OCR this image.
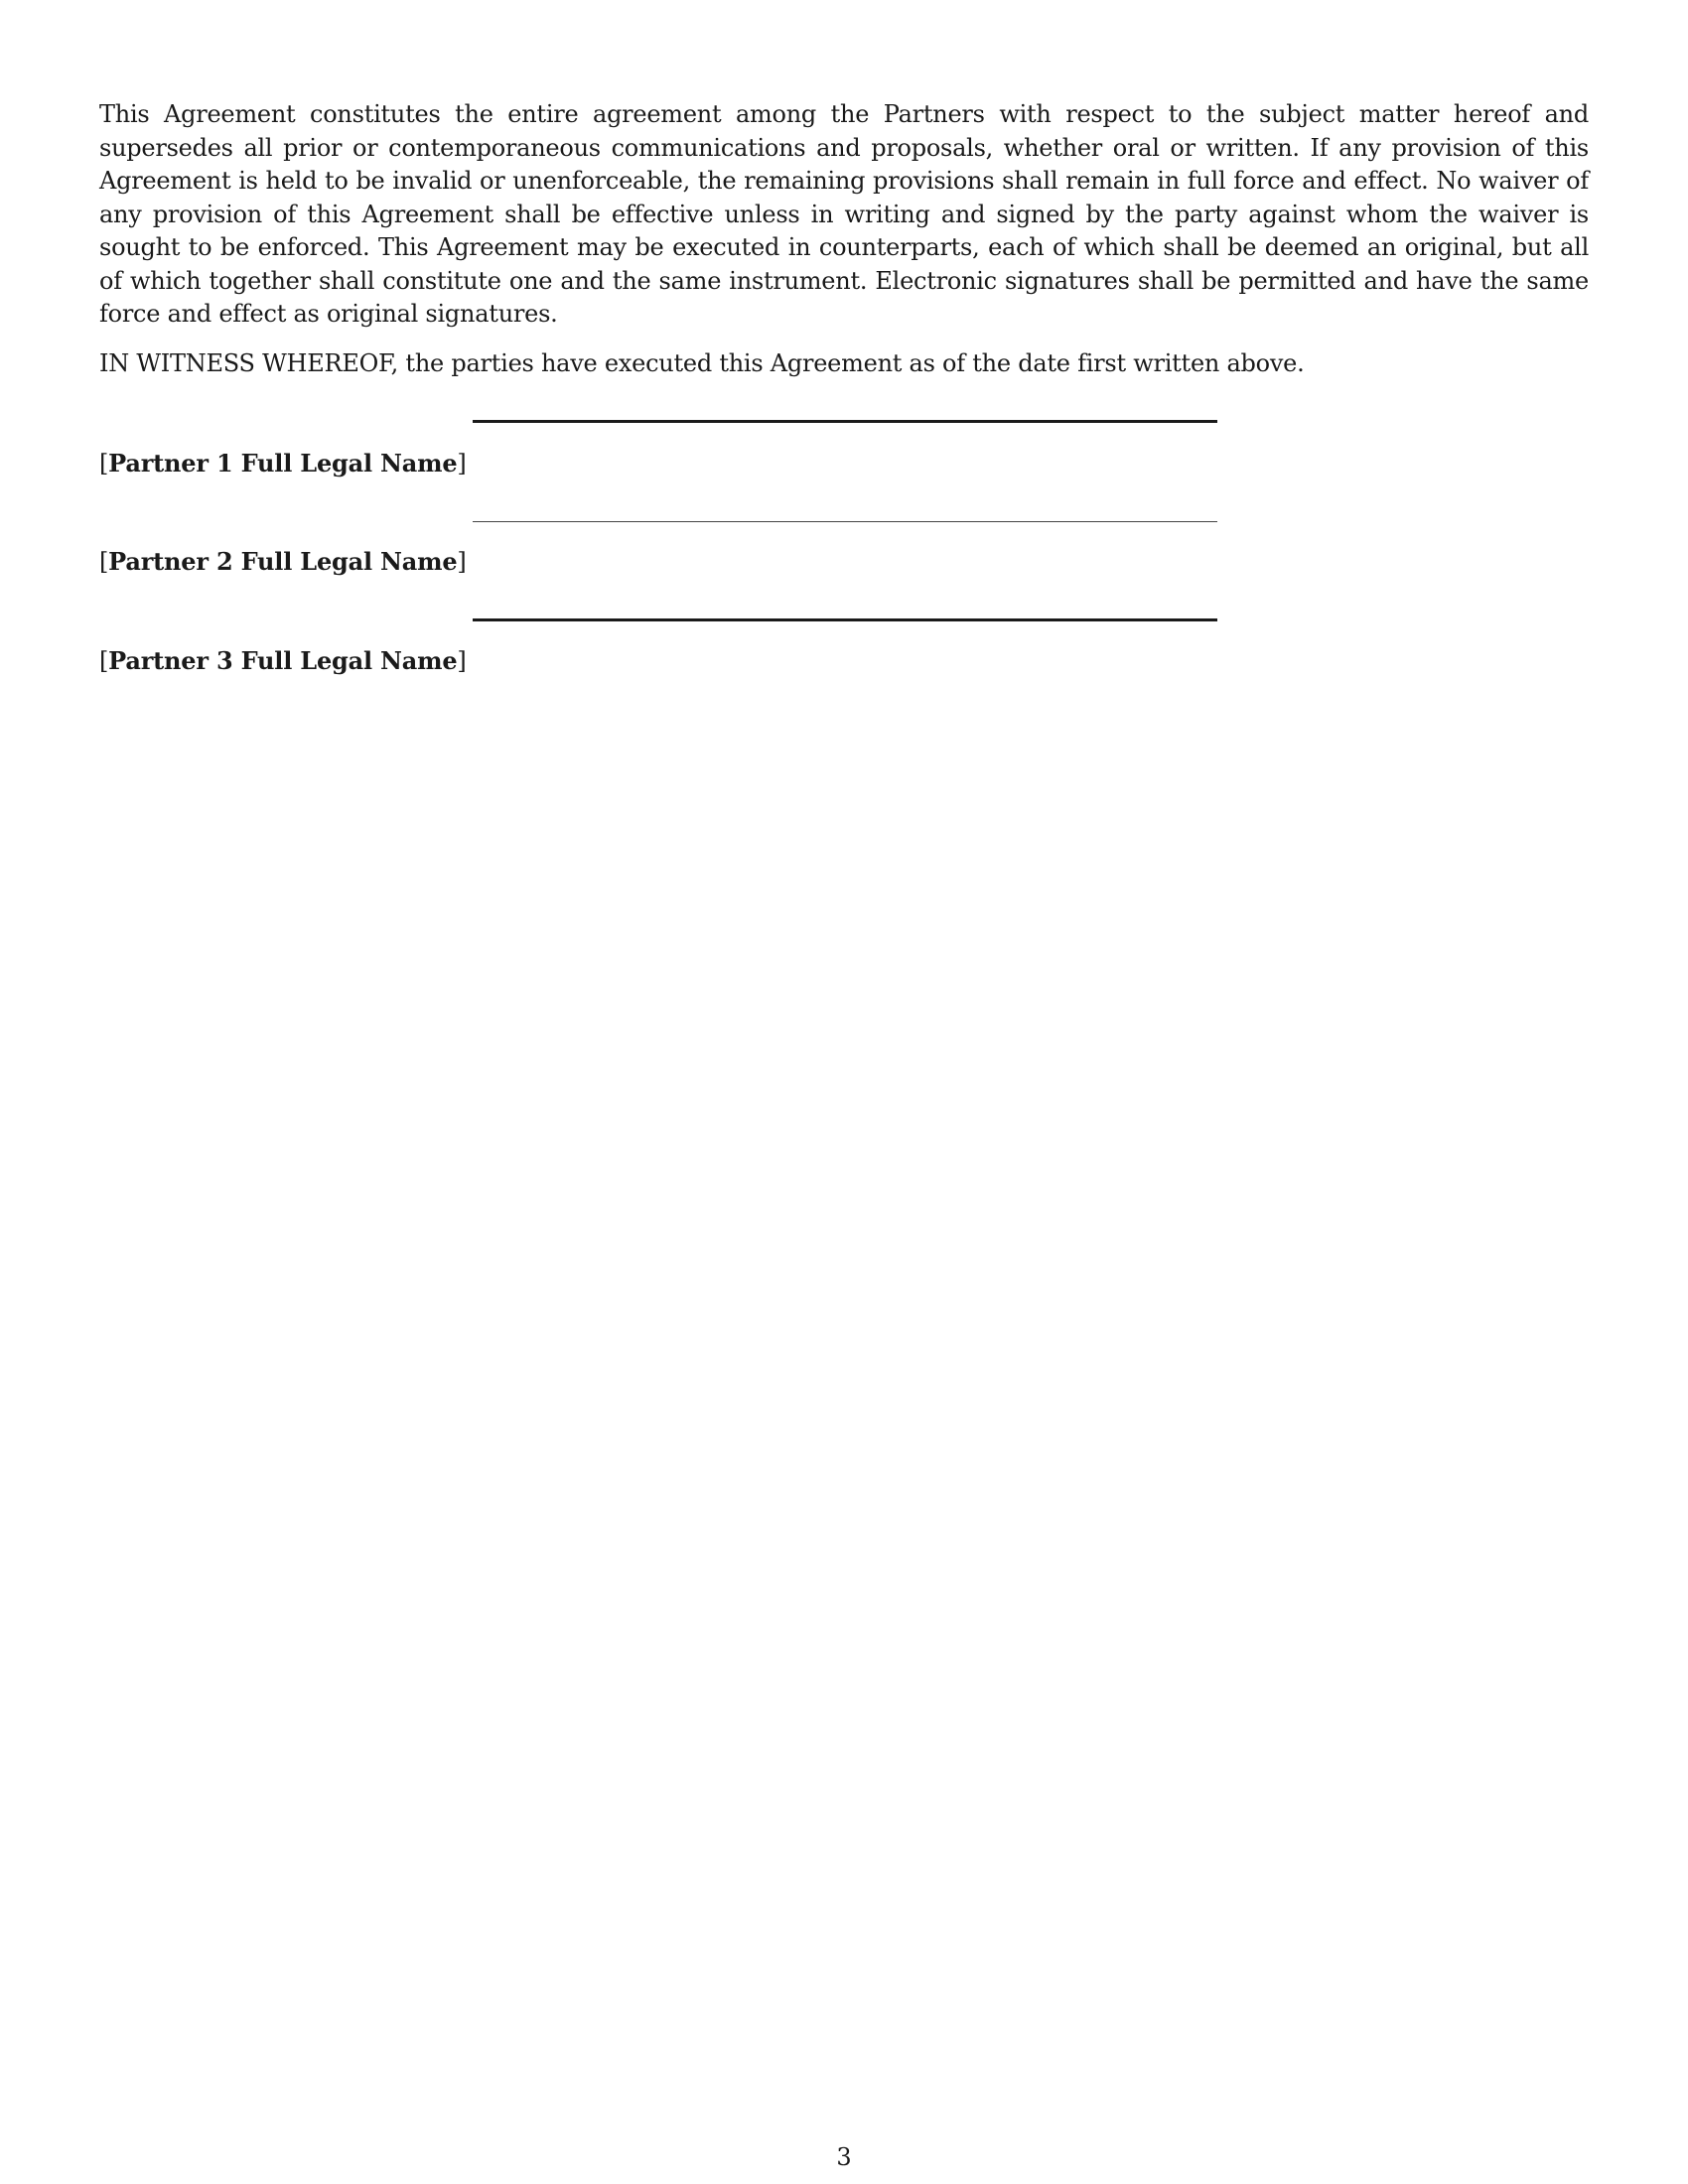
This Agreement constitutes the entire agreement among the Partners with respect to the subject matter hereof and supersedes all prior or contemporaneous communications and proposals, whether oral or written. If any provision of this Agreement is held to be invalid or unenforceable, the remaining provisions shall remain in full force and effect. No waiver of any provision of this Agreement shall be effective unless in writing and signed by the party against whom the waiver is sought to be enforced. This Agreement may be executed in counterparts, each of which shall be deemed an original, but all of which together shall constitute one and the same instrument. Electronic signatures shall be permitted and have the same force and effect as original signatures.

IN WITNESS WHEREOF, the parties have executed this Agreement as of the date first written above.

[Partner 1 Full Legal Name]
[Partner 2 Full Legal Name]
[Partner 3 Full Legal Name]
3
